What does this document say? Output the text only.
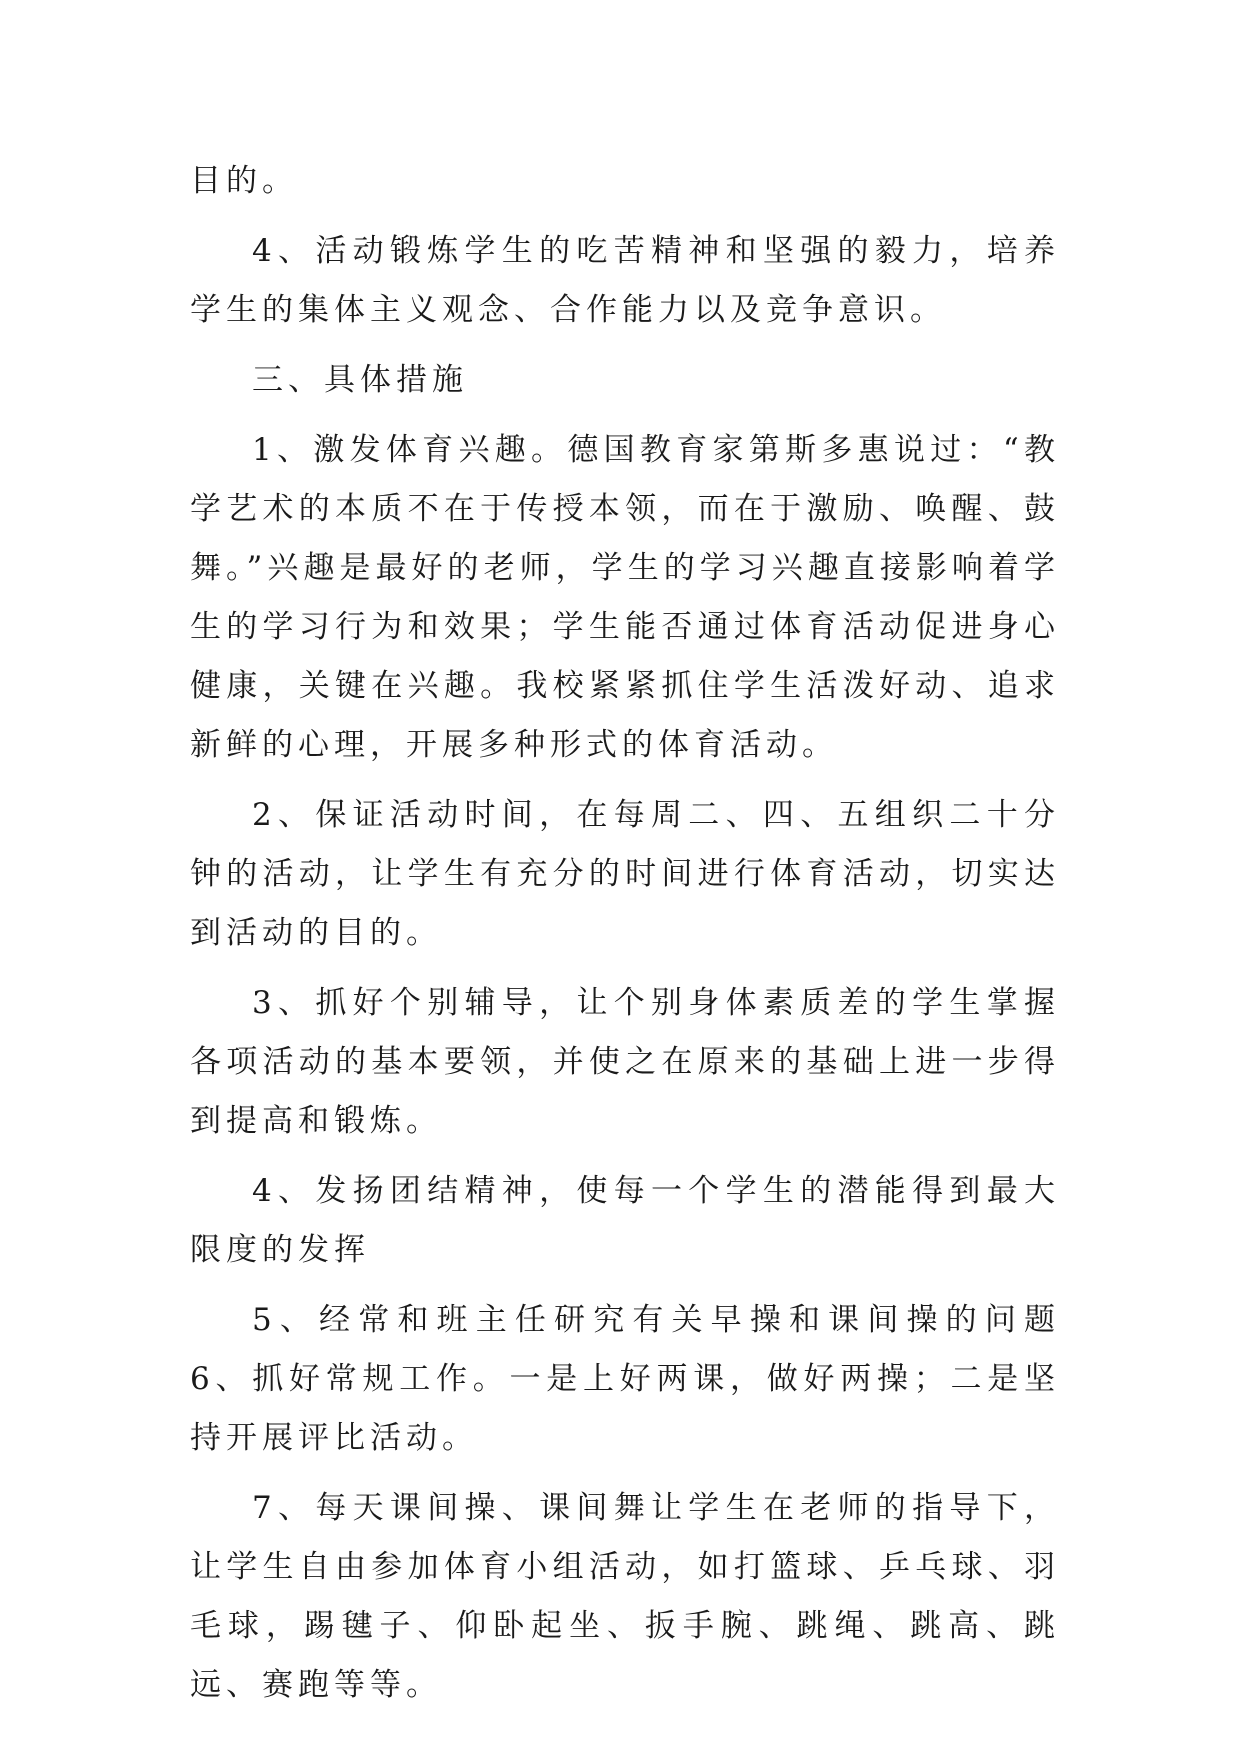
目的。

4、活动锻炼学生的吃苦精神和坚强的毅力，培养学生的集体主义观念、合作能力以及竞争意识。

三、具体措施

1、激发体育兴趣。德国教育家第斯多惠说过：“教学艺术的本质不在于传授本领，而在于激励、唤醒、鼓舞。”兴趣是最好的老师，学生的学习兴趣直接影响着学生的学习行为和效果；学生能否通过体育活动促进身心健康，关键在兴趣。我校紧紧抓住学生活泼好动、追求新鲜的心理，开展多种形式的体育活动。

2、保证活动时间，在每周二、四、五组织二十分钟的活动，让学生有充分的时间进行体育活动，切实达到活动的目的。

3、抓好个别辅导，让个别身体素质差的学生掌握各项活动的基本要领，并使之在原来的基础上进一步得到提高和锻炼。

4、发扬团结精神，使每一个学生的潜能得到最大限度的发挥

5、经常和班主任研究有关早操和课间操的问题 6、抓好常规工作。一是上好两课，做好两操；二是坚持开展评比活动。

7、每天课间操、课间舞让学生在老师的指导下，让学生自由参加体育小组活动，如打篮球、乒乓球、羽毛球，踢毽子、仰卧起坐、扳手腕、跳绳、跳高、跳远、赛跑等等。
